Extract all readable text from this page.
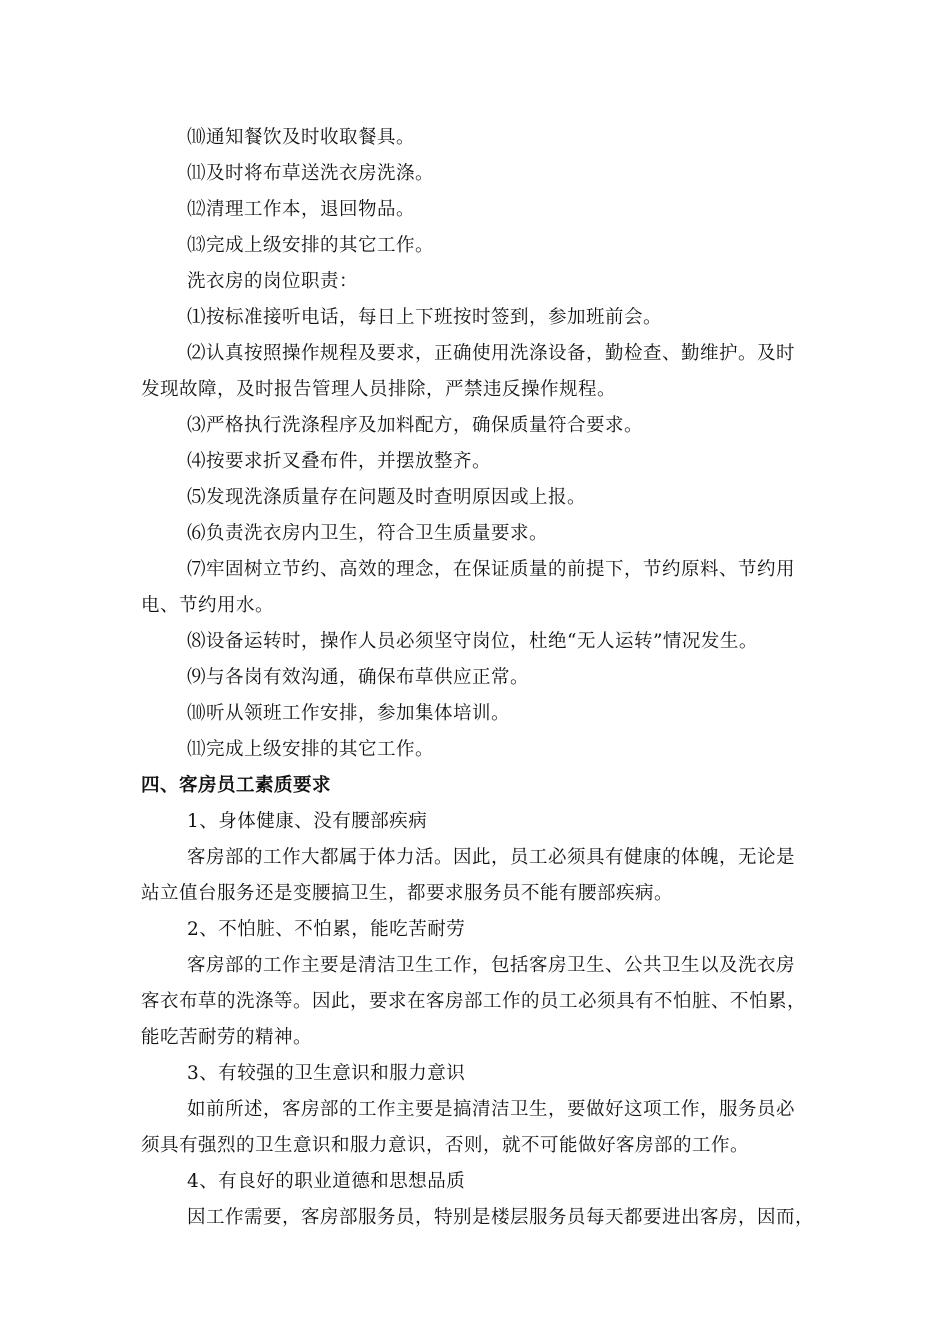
⑽通知餐饮及时收取餐具。
⑾及时将布草送洗衣房洗涤。
⑿清理工作本，退回物品。
⒀完成上级安排的其它工作。
洗衣房的岗位职责：
⑴按标准接听电话，每日上下班按时签到，参加班前会。
⑵认真按照操作规程及要求，正确使用洗涤设备，勤检查、勤维护。及时
发现故障，及时报告管理人员排除，严禁违反操作规程。
⑶严格执行洗涤程序及加料配方，确保质量符合要求。
⑷按要求折叉叠布件，并摆放整齐。
⑸发现洗涤质量存在问题及时查明原因或上报。
⑹负责洗衣房内卫生，符合卫生质量要求。
⑺牢固树立节约、高效的理念，在保证质量的前提下，节约原料、节约用
电、节约用水。
⑻设备运转时，操作人员必须坚守岗位，杜绝“无人运转”情况发生。
⑼与各岗有效沟通，确保布草供应正常。
⑽听从领班工作安排，参加集体培训。
⑾完成上级安排的其它工作。
四、客房员工素质要求
1、身体健康、没有腰部疾病
客房部的工作大都属于体力活。因此，员工必须具有健康的体魄，无论是
站立值台服务还是变腰搞卫生，都要求服务员不能有腰部疾病。
2、不怕脏、不怕累，能吃苦耐劳
客房部的工作主要是清洁卫生工作，包括客房卫生、公共卫生以及洗衣房
客衣布草的洗涤等。因此，要求在客房部工作的员工必须具有不怕脏、不怕累，
能吃苦耐劳的精神。
3、有较强的卫生意识和服力意识
如前所述，客房部的工作主要是搞清洁卫生，要做好这项工作，服务员必
须具有强烈的卫生意识和服力意识，否则，就不可能做好客房部的工作。
4、有良好的职业道德和思想品质
因工作需要，客房部服务员，特别是楼层服务员每天都要进出客房，因而，
